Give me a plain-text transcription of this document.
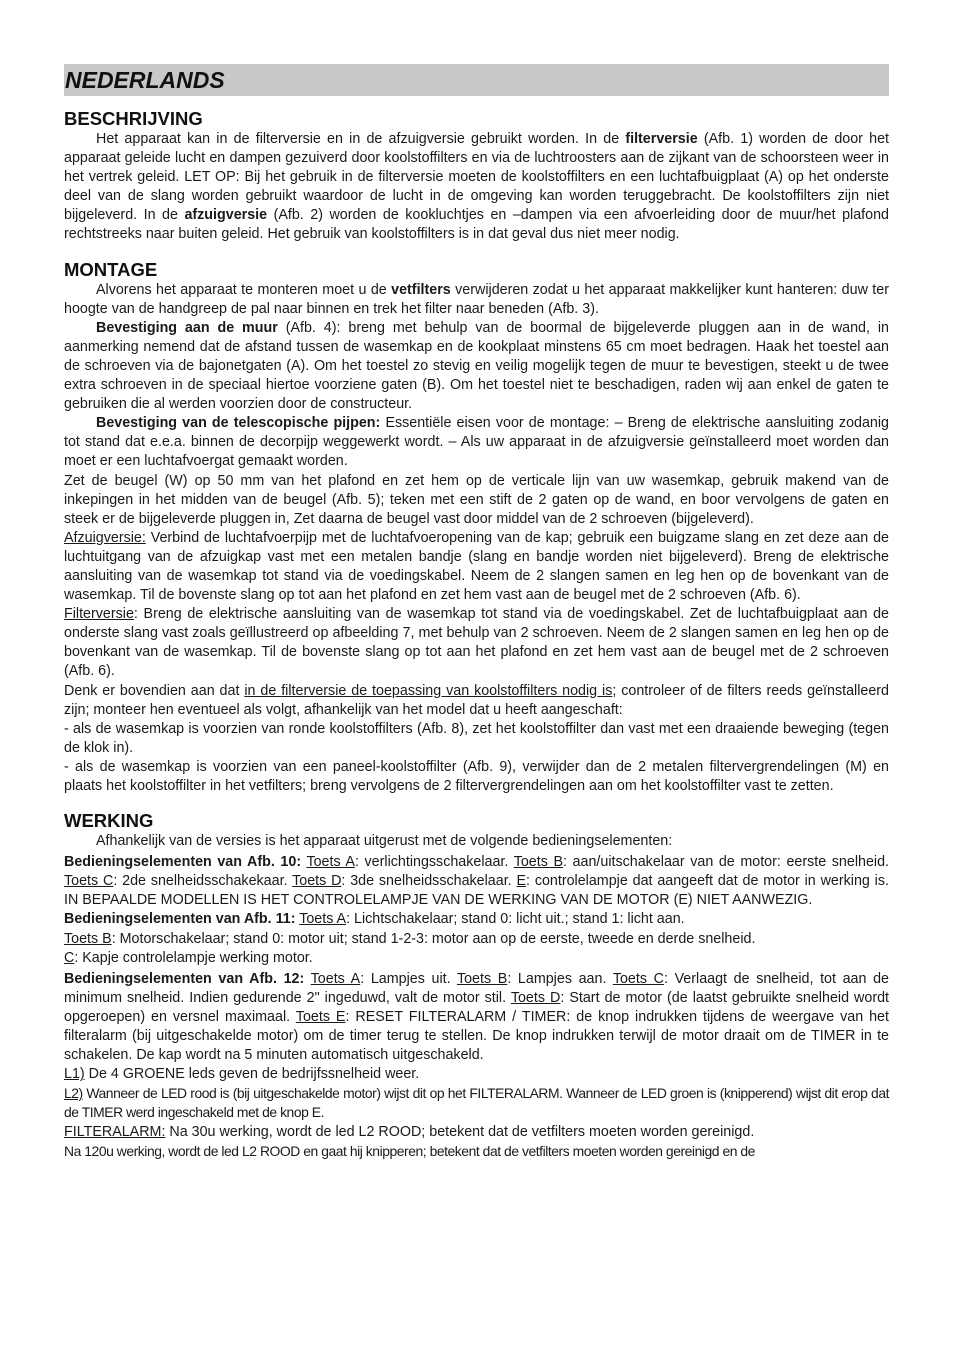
NEDERLANDS
BESCHRIJVING

Het apparaat kan in de filterversie en in de afzuigversie gebruikt worden. In de filterversie (Afb. 1) worden de door het apparaat geleide lucht en dampen gezuiverd door koolstoffilters en via de luchtroosters aan de zijkant van de schoorsteen weer in het vertrek geleid. LET OP: Bij het gebruik in de filterversie moeten de koolstoffilters en een luchtafbuigplaat (A) op het onderste deel van de slang worden gebruikt waardoor de lucht in de omgeving kan worden teruggebracht. De koolstoffilters zijn niet bijgeleverd. In de afzuigversie (Afb. 2) worden de kookluchtjes en –dampen via een afvoerleiding door de muur/het plafond rechtstreeks naar buiten geleid. Het gebruik van koolstoffilters is in dat geval dus niet meer nodig.

MONTAGE

Alvorens het apparaat te monteren moet u de vetfilters verwijderen zodat u het apparaat makkelijker kunt hanteren: duw ter hoogte van de handgreep de pal naar binnen en trek het filter naar beneden (Afb. 3).

Bevestiging aan de muur (Afb. 4): breng met behulp van de boormal de bijgeleverde pluggen aan in de wand, in aanmerking nemend dat de afstand tussen de wasemkap en de kookplaat minstens 65 cm moet bedragen. Haak het toestel aan de schroeven via de bajonetgaten (A). Om het toestel zo stevig en veilig mogelijk tegen de muur te bevestigen, steekt u de twee extra schroeven in de speciaal hiertoe voorziene gaten (B). Om het toestel niet te beschadigen, raden wij aan enkel de gaten te gebruiken die al werden voorzien door de constructeur.

Bevestiging van de telescopische pijpen: Essentiële eisen voor de montage: – Breng de elektrische aansluiting zodanig tot stand dat e.e.a. binnen de decorpijp weggewerkt wordt. – Als uw apparaat in de afzuigversie geïnstalleerd moet worden dan moet er een luchtafvoergat gemaakt worden.

Zet de beugel (W) op 50 mm van het plafond en zet hem op de verticale lijn van uw wasemkap, gebruik makend van de inkepingen in het midden van de beugel (Afb. 5); teken met een stift de 2 gaten op de wand, en boor vervolgens de gaten en steek er de bijgeleverde pluggen in, Zet daarna de beugel vast door middel van de 2 schroeven (bijgeleverd).

Afzuigversie: Verbind de luchtafvoerpijp met de luchtafvoeropening van de kap; gebruik een buigzame slang en zet deze aan de luchtuitgang van de afzuigkap vast met een metalen bandje (slang en bandje worden niet bijgeleverd). Breng de elektrische aansluiting van de wasemkap tot stand via de voedingskabel. Neem de 2 slangen samen en leg hen op de bovenkant van de wasemkap. Til de bovenste slang op tot aan het plafond en zet hem vast aan de beugel met de 2 schroeven (Afb. 6).

Filterversie: Breng de elektrische aansluiting van de wasemkap tot stand via de voedingskabel. Zet de luchtafbuigplaat aan de onderste slang vast zoals geïllustreerd op afbeelding 7, met behulp van 2 schroeven. Neem de 2 slangen samen en leg hen op de bovenkant van de wasemkap. Til de bovenste slang op tot aan het plafond en zet hem vast aan de beugel met de 2 schroeven (Afb. 6).

Denk er bovendien aan dat in de filterversie de toepassing van koolstoffilters nodig is; controleer of de filters reeds geïnstalleerd zijn; monteer hen eventueel als volgt, afhankelijk van het model dat u heeft aangeschaft:

- als de wasemkap is voorzien van ronde koolstoffilters (Afb. 8), zet het koolstoffilter dan vast met een draaiende beweging (tegen de klok in).

- als de wasemkap is voorzien van een paneel-koolstoffilter (Afb. 9), verwijder dan de 2 metalen filtervergrendelingen (M) en plaats het koolstoffilter in het vetfilters; breng vervolgens de 2 filtervergrendelingen aan om het koolstoffilter vast te zetten.

WERKING

Afhankelijk van de versies is het apparaat uitgerust met de volgende bedieningselementen:

Bedieningselementen van Afb. 10: Toets A: verlichtingsschakelaar. Toets B: aan/uitschakelaar van de motor: eerste snelheid. Toets C: 2de snelheidsschakekaar. Toets D: 3de snelheidsschakelaar. E: controlelampje dat aangeeft dat de motor in werking is. IN BEPAALDE MODELLEN IS HET CONTROLELAMPJE VAN DE WERKING VAN DE MOTOR (E) NIET AANWEZIG.

Bedieningselementen van Afb. 11: Toets A: Lichtschakelaar; stand 0: licht uit.; stand 1: licht aan.

Toets B: Motorschakelaar; stand 0: motor uit; stand 1-2-3: motor aan op de eerste, tweede en derde snelheid.

C: Kapje controlelampje werking motor.

Bedieningselementen van Afb. 12: Toets A: Lampjes uit. Toets B: Lampjes aan. Toets C: Verlaagt de snelheid, tot aan de minimum snelheid. Indien gedurende 2" ingeduwd, valt de motor stil. Toets D: Start de motor (de laatst gebruikte snelheid wordt opgeroepen) en versnel maximaal. Toets E: RESET FILTERALARM / TIMER: de knop indrukken tijdens de weergave van het filteralarm (bij uitgeschakelde motor) om de timer terug te stellen. De knop indrukken terwijl de motor draait om de TIMER in te schakelen. De kap wordt na 5 minuten automatisch uitgeschakeld.

L1) De 4 GROENE leds geven de bedrijfssnelheid weer.

L2) Wanneer de LED rood is (bij uitgeschakelde motor) wijst dit op het FILTERALARM. Wanneer de LED groen is (knipperend) wijst dit erop dat de TIMER werd ingeschakeld met de knop E.

FILTERALARM: Na 30u werking, wordt de led L2 ROOD; betekent dat de vetfilters moeten worden gereinigd.

Na 120u werking, wordt de led L2 ROOD en gaat hij knipperen; betekent dat de vetfilters moeten worden gereinigd en de
